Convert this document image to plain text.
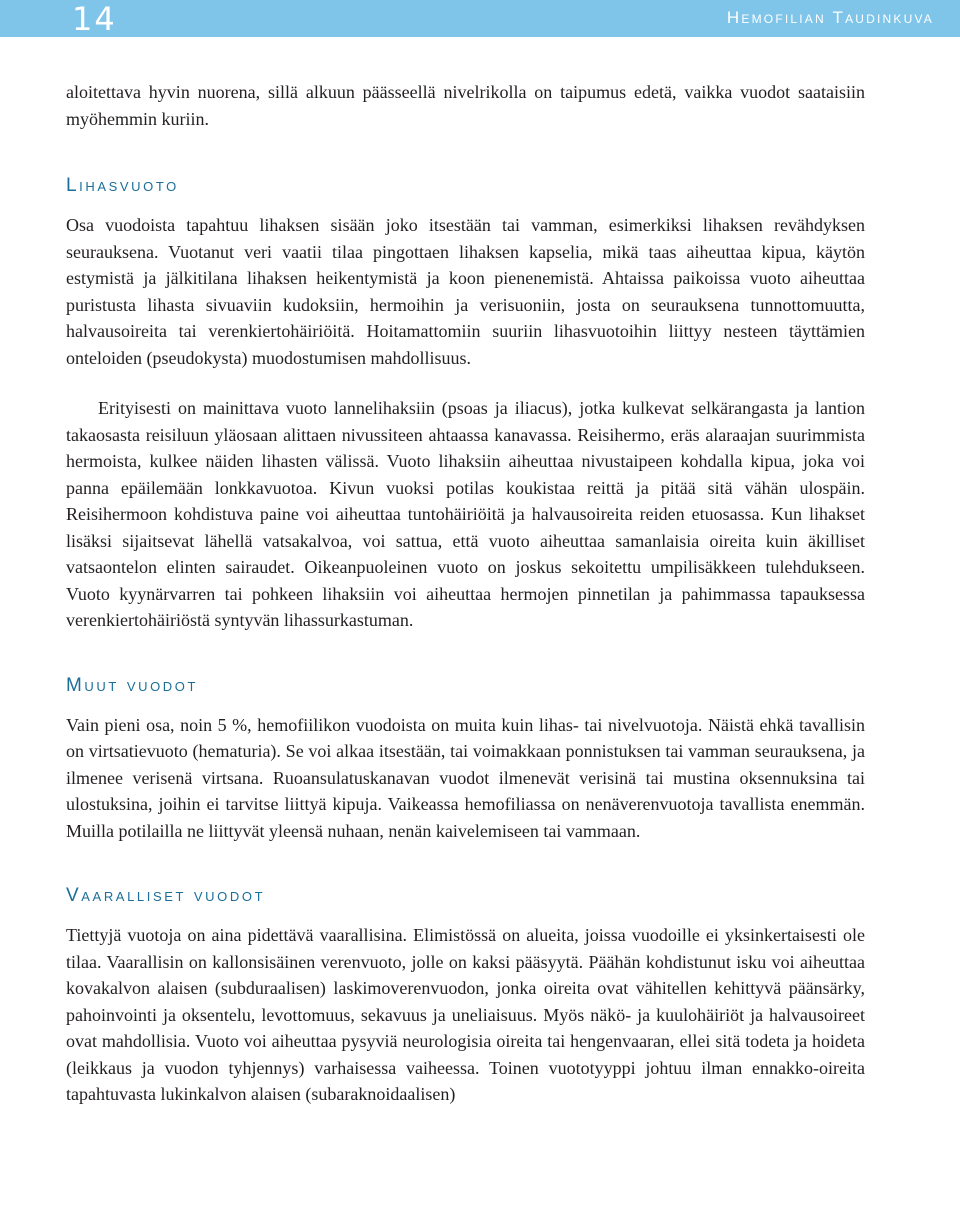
14	Hemofilian Taudinkuva

aloitettava hyvin nuorena, sillä alkuun päässeellä nivelrikolla on taipumus edetä, vaikka vuodot saataisiin myöhemmin kuriin.

Lihasvuoto

Osa vuodoista tapahtuu lihaksen sisään joko itsestään tai vamman, esimerkiksi lihaksen revähdyksen seurauksena. Vuotanut veri vaatii tilaa pingottaen lihaksen kapselia, mikä taas aiheuttaa kipua, käytön estymistä ja jälkitilana lihaksen heikentymistä ja koon pienenemistä. Ahtaissa paikoissa vuoto aiheuttaa puristusta lihasta sivuaviin kudoksiin, hermoihin ja verisuoniin, josta on seurauksena tunnottomuutta, halvausoireita tai verenkiertohäiriöitä. Hoitamattomiin suuriin lihasvuotoihin liittyy nesteen täyttämien onteloiden (pseudokysta) muodostumisen mahdollisuus.

Erityisesti on mainittava vuoto lannelihaksiin (psoas ja iliacus), jotka kulkevat selkärangasta ja lantion takaosasta reisiluun yläosaan alittaen nivussiteen ahtaassa kanavassa. Reisihermo, eräs alaraajan suurimmista hermoista, kulkee näiden lihasten välissä. Vuoto lihaksiin aiheuttaa nivustaipeen kohdalla kipua, joka voi panna epäilemään lonkkavuotoa. Kivun vuoksi potilas koukistaa reittä ja pitää sitä vähän ulospäin. Reisihermoon kohdistuva paine voi aiheuttaa tuntohäiriöitä ja halvausoireita reiden etuosassa. Kun lihakset lisäksi sijaitsevat lähellä vatsakalvoa, voi sattua, että vuoto aiheuttaa samanlaisia oireita kuin äkilliset vatsaontelon elinten sairaudet. Oikeanpuoleinen vuoto on joskus sekoitettu umpilisäkkeen tulehdukseen. Vuoto kyynärvarren tai pohkeen lihaksiin voi aiheuttaa hermojen pinnetilan ja pahimmassa tapauksessa verenkiertohäiriöstä syntyvän lihassurkastuman.

Muut vuodot

Vain pieni osa, noin 5 %, hemofiilikon vuodoista on muita kuin lihas- tai nivelvuotoja. Näistä ehkä tavallisin on virtsatievuoto (hematuria). Se voi alkaa itsestään, tai voimakkaan ponnistuksen tai vamman seurauksena, ja ilmenee verisenä virtsana. Ruoansulatuskanavan vuodot ilmenevät verisinä tai mustina oksennuksina tai ulostuksina, joihin ei tarvitse liittyä kipuja. Vaikeassa hemofiliassa on nenäverenvuotoja tavallista enemmän. Muilla potilailla ne liittyvät yleensä nuhaan, nenän kaivelemiseen tai vammaan.

Vaaralliset vuodot

Tiettyjä vuotoja on aina pidettävä vaarallisina. Elimistössä on alueita, joissa vuodoille ei yksinkertaisesti ole tilaa. Vaarallisin on kallonsisäinen verenvuoto, jolle on kaksi pääsyytä. Päähän kohdistunut isku voi aiheuttaa kovakalvon alaisen (subduraalisen) laskimoverenvuodon, jonka oireita ovat vähitellen kehittyvä päänsärky, pahoinvointi ja oksentelu, levottomuus, sekavuus ja uneliaisuus. Myös näkö- ja kuulohäiriöt ja halvausoireet ovat mahdollisia. Vuoto voi aiheuttaa pysyviä neurologisia oireita tai hengenvaaran, ellei sitä todeta ja hoideta (leikkaus ja vuodon tyhjennys) varhaisessa vaiheessa. Toinen vuototyyppi johtuu ilman ennakko-oireita tapahtuvasta lukinkalvon alaisen (subaraknoidaalisen)
